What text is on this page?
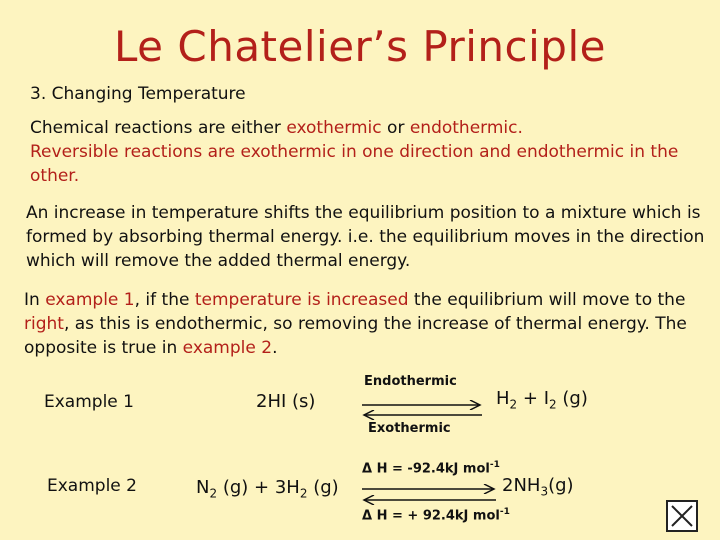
Le Chatelier’s Principle
3. Changing Temperature
Chemical reactions are either exothermic or endothermic.
Reversible reactions are exothermic in one direction and endothermic in the other.
An increase in temperature shifts the equilibrium position to a mixture which is formed by absorbing thermal energy. i.e. the equilibrium moves in the direction which will remove the added thermal energy.
In example 1, if the temperature is increased the equilibrium will move to the right, as this is endothermic, so removing the increase of thermal energy. The opposite is true in example 2.
Example 1	2HI (s)
Endothermic
Exothermic
$H_2 + I_2$ (g)
Example 2	$N_2$ $(g) + 3H_2$ (g)
Δ H = -92.4kJ mol$^{-1}$
Δ H = + 92.4kJ mol$^{-1}$
$2NH_3(g)$
